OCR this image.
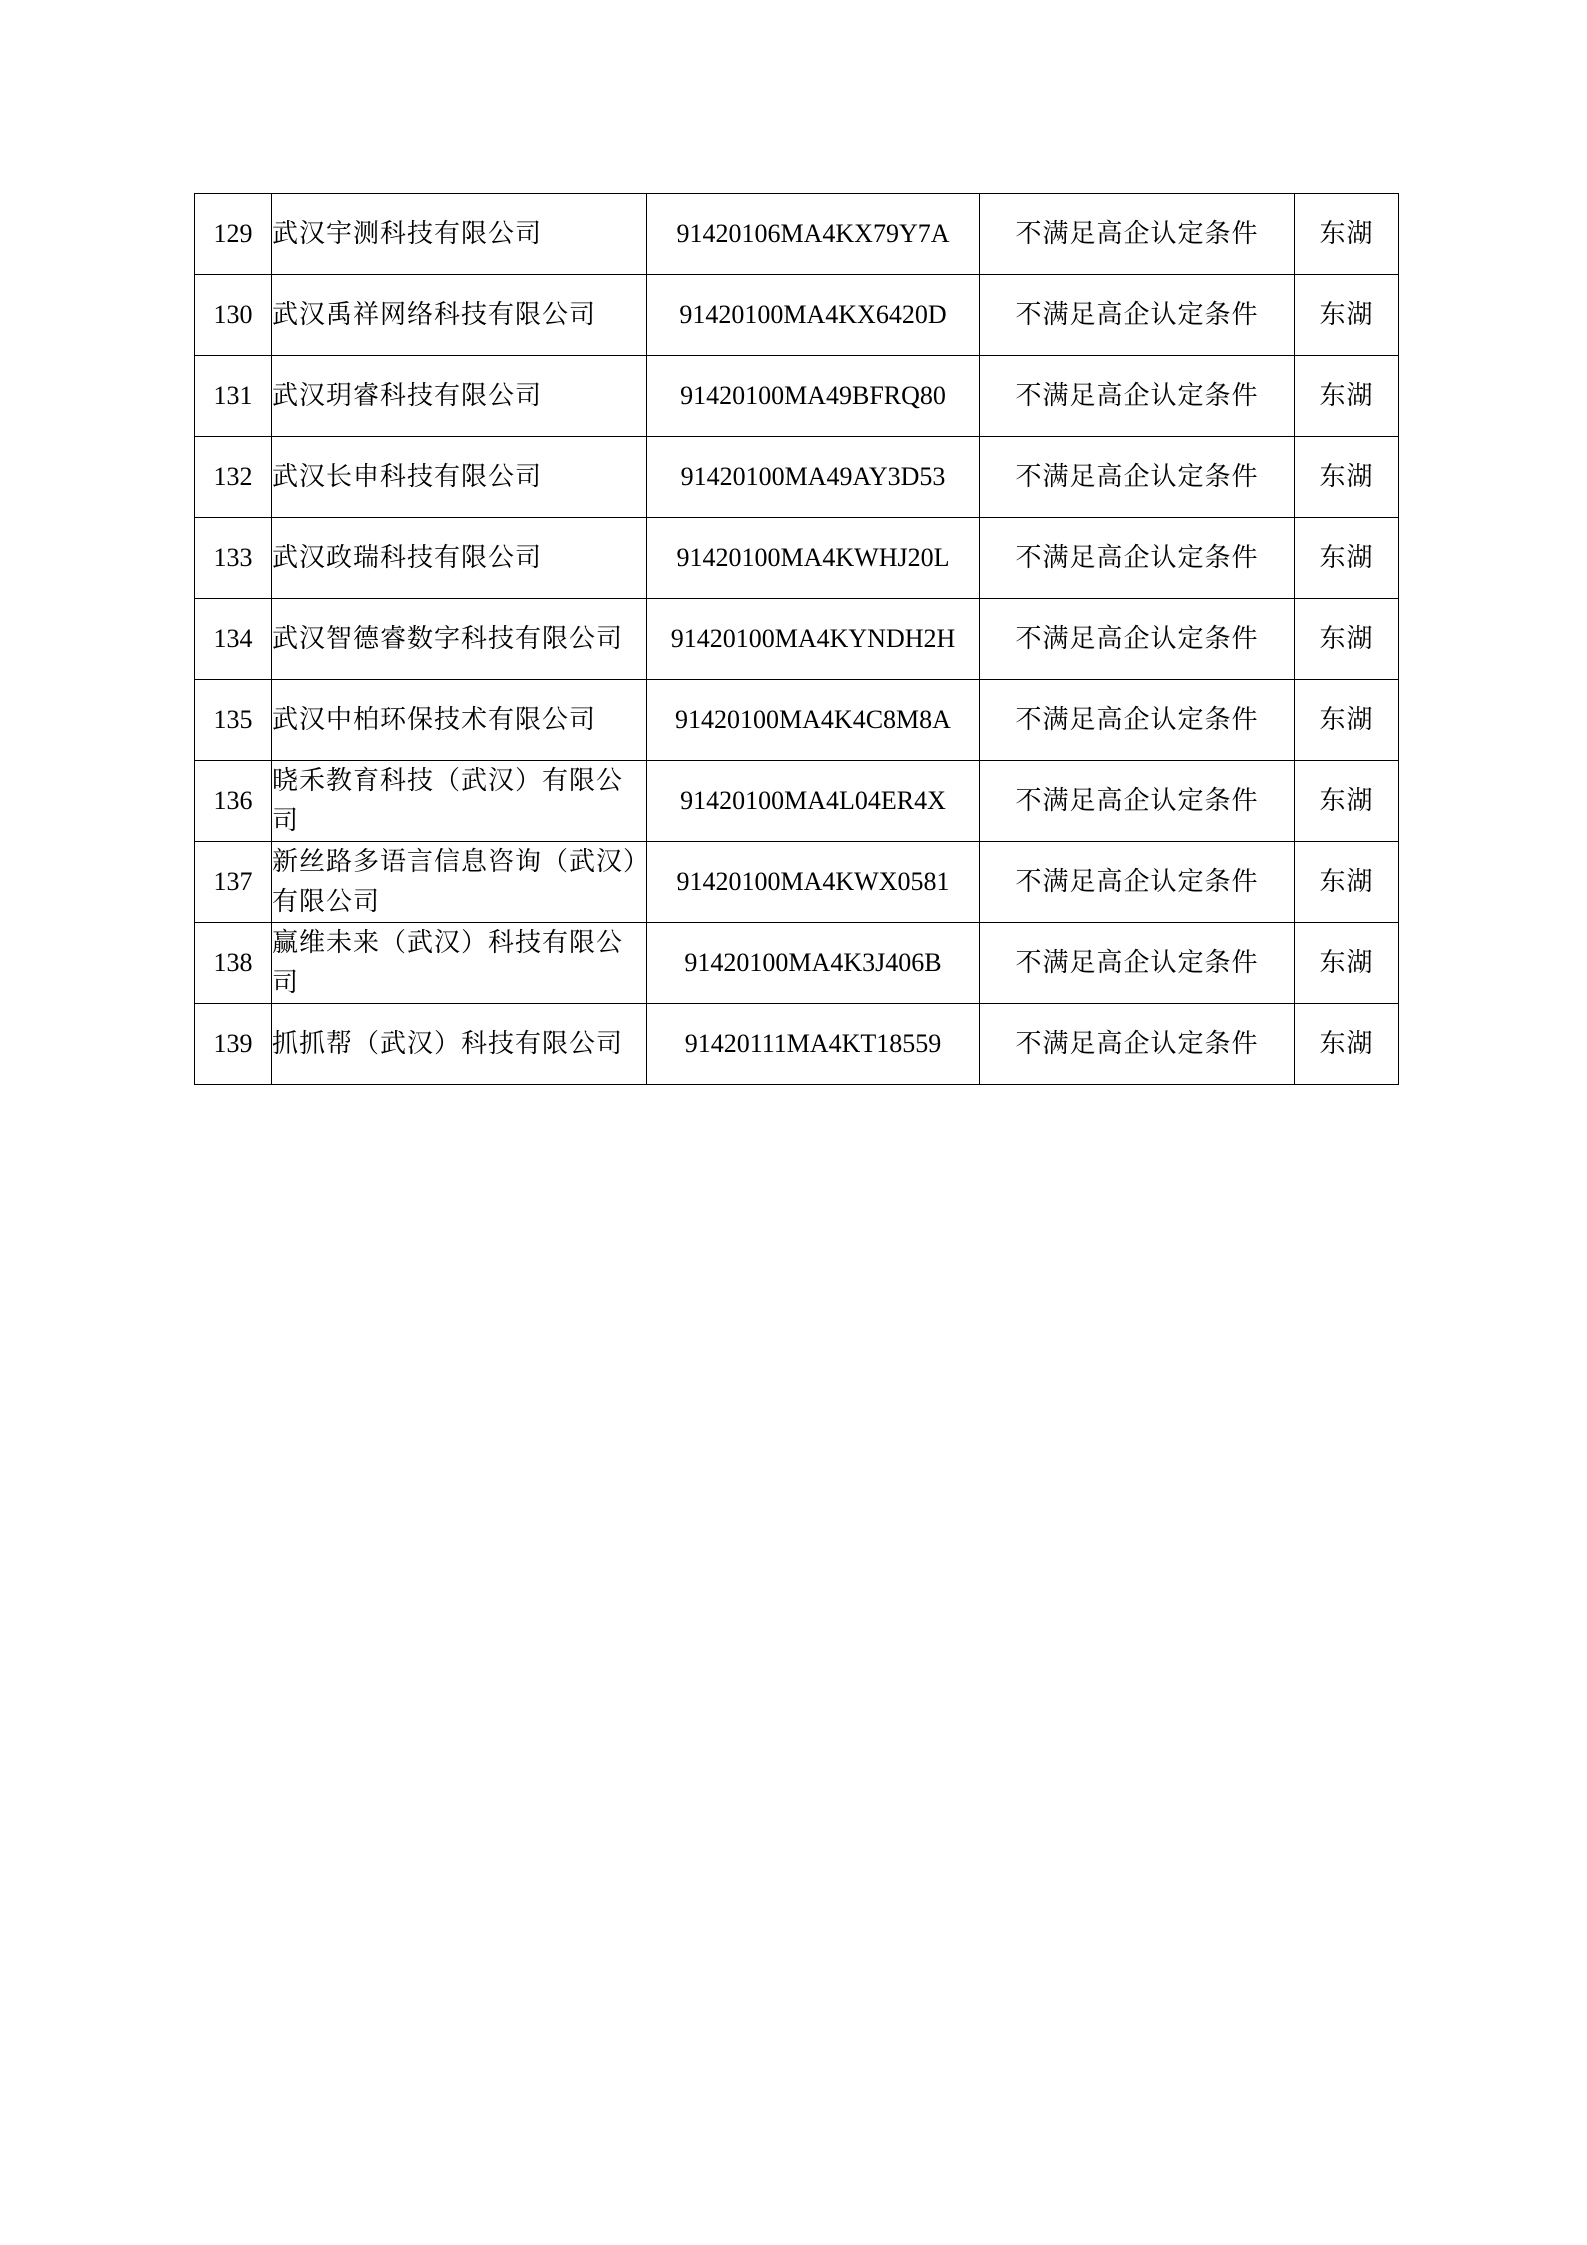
129	武汉宇测科技有限公司	91420106MA4KX79Y7A	不满足高企认定条件	东湖
130	武汉禹祥网络科技有限公司	91420100MA4KX6420D	不满足高企认定条件	东湖
131	武汉玥睿科技有限公司	91420100MA49BFRQ80	不满足高企认定条件	东湖
132	武汉长申科技有限公司	91420100MA49AY3D53	不满足高企认定条件	东湖
133	武汉政瑞科技有限公司	91420100MA4KWHJ20L	不满足高企认定条件	东湖
134	武汉智德睿数字科技有限公司	91420100MA4KYNDH2H	不满足高企认定条件	东湖
135	武汉中柏环保技术有限公司	91420100MA4K4C8M8A	不满足高企认定条件	东湖
136	晓禾教育科技（武汉）有限公司	91420100MA4L04ER4X	不满足高企认定条件	东湖
137	新丝路多语言信息咨询（武汉）有限公司	91420100MA4KWX0581	不满足高企认定条件	东湖
138	赢维未来（武汉）科技有限公司	91420100MA4K3J406B	不满足高企认定条件	东湖
139	抓抓帮（武汉）科技有限公司	91420111MA4KT18559	不满足高企认定条件	东湖
